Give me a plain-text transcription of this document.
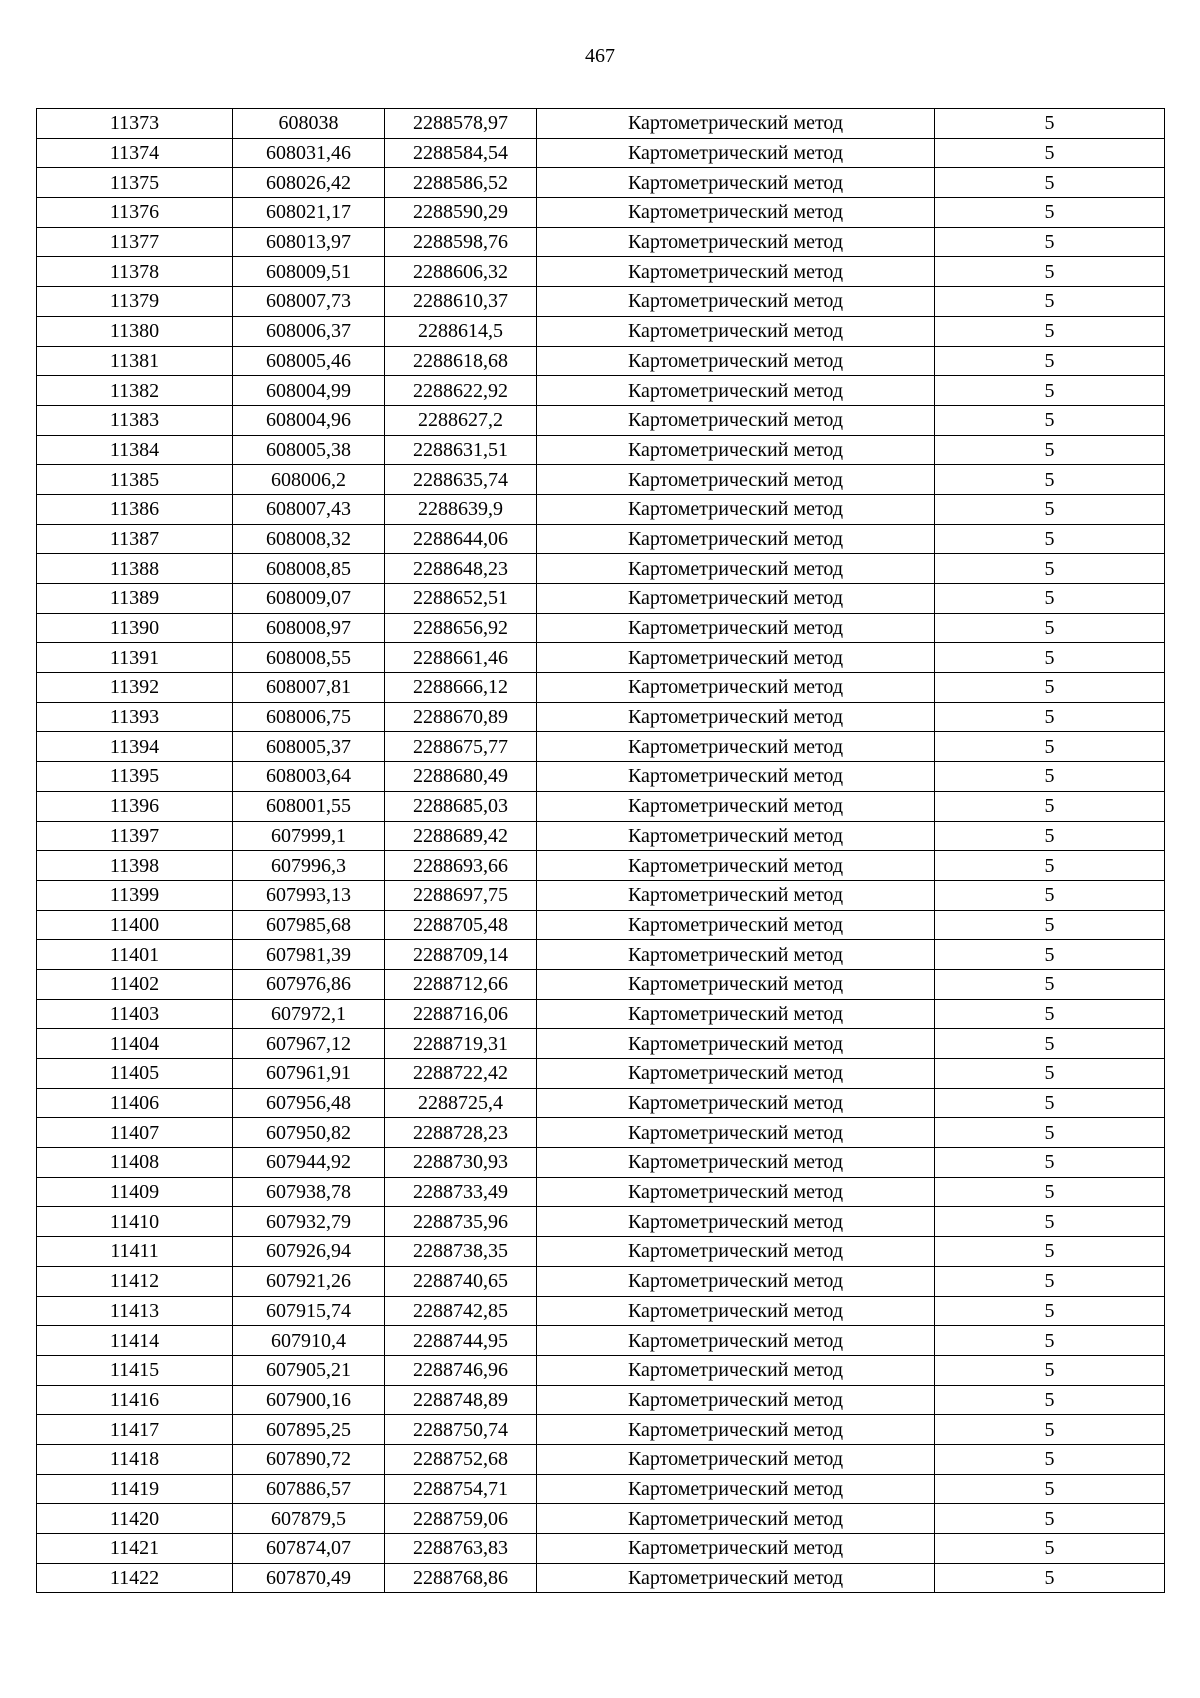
467
11373	608038	2288578,97	Картометрический метод	5
11374	608031,46	2288584,54	Картометрический метод	5
11375	608026,42	2288586,52	Картометрический метод	5
11376	608021,17	2288590,29	Картометрический метод	5
11377	608013,97	2288598,76	Картометрический метод	5
11378	608009,51	2288606,32	Картометрический метод	5
11379	608007,73	2288610,37	Картометрический метод	5
11380	608006,37	2288614,5	Картометрический метод	5
11381	608005,46	2288618,68	Картометрический метод	5
11382	608004,99	2288622,92	Картометрический метод	5
11383	608004,96	2288627,2	Картометрический метод	5
11384	608005,38	2288631,51	Картометрический метод	5
11385	608006,2	2288635,74	Картометрический метод	5
11386	608007,43	2288639,9	Картометрический метод	5
11387	608008,32	2288644,06	Картометрический метод	5
11388	608008,85	2288648,23	Картометрический метод	5
11389	608009,07	2288652,51	Картометрический метод	5
11390	608008,97	2288656,92	Картометрический метод	5
11391	608008,55	2288661,46	Картометрический метод	5
11392	608007,81	2288666,12	Картометрический метод	5
11393	608006,75	2288670,89	Картометрический метод	5
11394	608005,37	2288675,77	Картометрический метод	5
11395	608003,64	2288680,49	Картометрический метод	5
11396	608001,55	2288685,03	Картометрический метод	5
11397	607999,1	2288689,42	Картометрический метод	5
11398	607996,3	2288693,66	Картометрический метод	5
11399	607993,13	2288697,75	Картометрический метод	5
11400	607985,68	2288705,48	Картометрический метод	5
11401	607981,39	2288709,14	Картометрический метод	5
11402	607976,86	2288712,66	Картометрический метод	5
11403	607972,1	2288716,06	Картометрический метод	5
11404	607967,12	2288719,31	Картометрический метод	5
11405	607961,91	2288722,42	Картометрический метод	5
11406	607956,48	2288725,4	Картометрический метод	5
11407	607950,82	2288728,23	Картометрический метод	5
11408	607944,92	2288730,93	Картометрический метод	5
11409	607938,78	2288733,49	Картометрический метод	5
11410	607932,79	2288735,96	Картометрический метод	5
11411	607926,94	2288738,35	Картометрический метод	5
11412	607921,26	2288740,65	Картометрический метод	5
11413	607915,74	2288742,85	Картометрический метод	5
11414	607910,4	2288744,95	Картометрический метод	5
11415	607905,21	2288746,96	Картометрический метод	5
11416	607900,16	2288748,89	Картометрический метод	5
11417	607895,25	2288750,74	Картометрический метод	5
11418	607890,72	2288752,68	Картометрический метод	5
11419	607886,57	2288754,71	Картометрический метод	5
11420	607879,5	2288759,06	Картометрический метод	5
11421	607874,07	2288763,83	Картометрический метод	5
11422	607870,49	2288768,86	Картометрический метод	5
